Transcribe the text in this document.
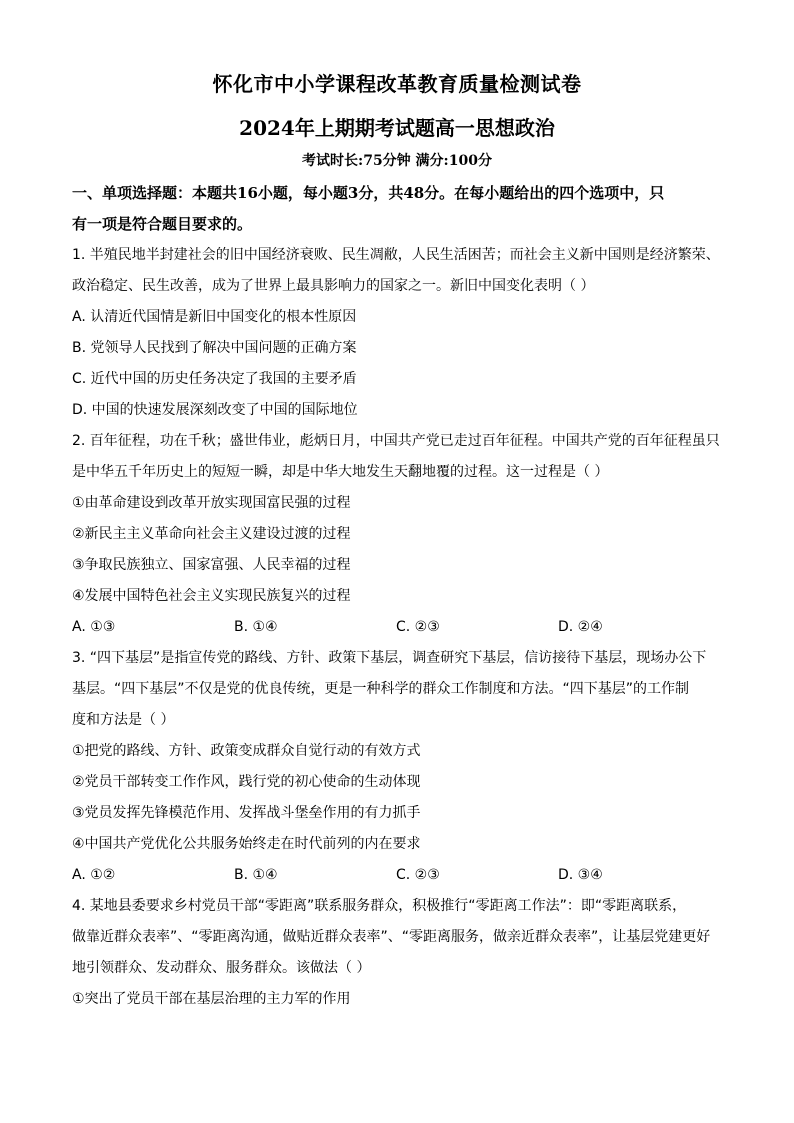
怀化市中小学课程改革教育质量检测试卷
2024年上期期考试题高一思想政治
考试时长:75分钟 满分:100分
一、单项选择题：本题共16小题，每小题3分，共48分。在每小题给出的四个选项中，只
有一项是符合题目要求的。
1. 半殖民地半封建社会的旧中国经济衰败、民生凋敝，人民生活困苦；而社会主义新中国则是经济繁荣、
政治稳定、民生改善，成为了世界上最具影响力的国家之一。新旧中国变化表明（ ）
A. 认清近代国情是新旧中国变化的根本性原因
B. 党领导人民找到了解决中国问题的正确方案
C. 近代中国的历史任务决定了我国的主要矛盾
D. 中国的快速发展深刻改变了中国的国际地位
2. 百年征程，功在千秋；盛世伟业，彪炳日月，中国共产党已走过百年征程。中国共产党的百年征程虽只
是中华五千年历史上的短短一瞬，却是中华大地发生天翻地覆的过程。这一过程是（ ）
①由革命建设到改革开放实现国富民强的过程
②新民主主义革命向社会主义建设过渡的过程
③争取民族独立、国家富强、人民幸福的过程
④发展中国特色社会主义实现民族复兴的过程
A. ①③	B. ①④	C. ②③	D. ②④
3. “四下基层”是指宣传党的路线、方针、政策下基层，调查研究下基层，信访接待下基层，现场办公下
基层。“四下基层”不仅是党的优良传统，更是一种科学的群众工作制度和方法。“四下基层”的工作制
度和方法是（ ）
①把党的路线、方针、政策变成群众自觉行动的有效方式
②党员干部转变工作作风，践行党的初心使命的生动体现
③党员发挥先锋模范作用、发挥战斗堡垒作用的有力抓手
④中国共产党优化公共服务始终走在时代前列的内在要求
A. ①②	B. ①④	C. ②③	D. ③④
4. 某地县委要求乡村党员干部“零距离”联系服务群众，积极推行“零距离工作法”：即“零距离联系，
做靠近群众表率”、“零距离沟通，做贴近群众表率”、“零距离服务，做亲近群众表率”，让基层党建更好
地引领群众、发动群众、服务群众。该做法（ ）
①突出了党员干部在基层治理的主力军的作用
